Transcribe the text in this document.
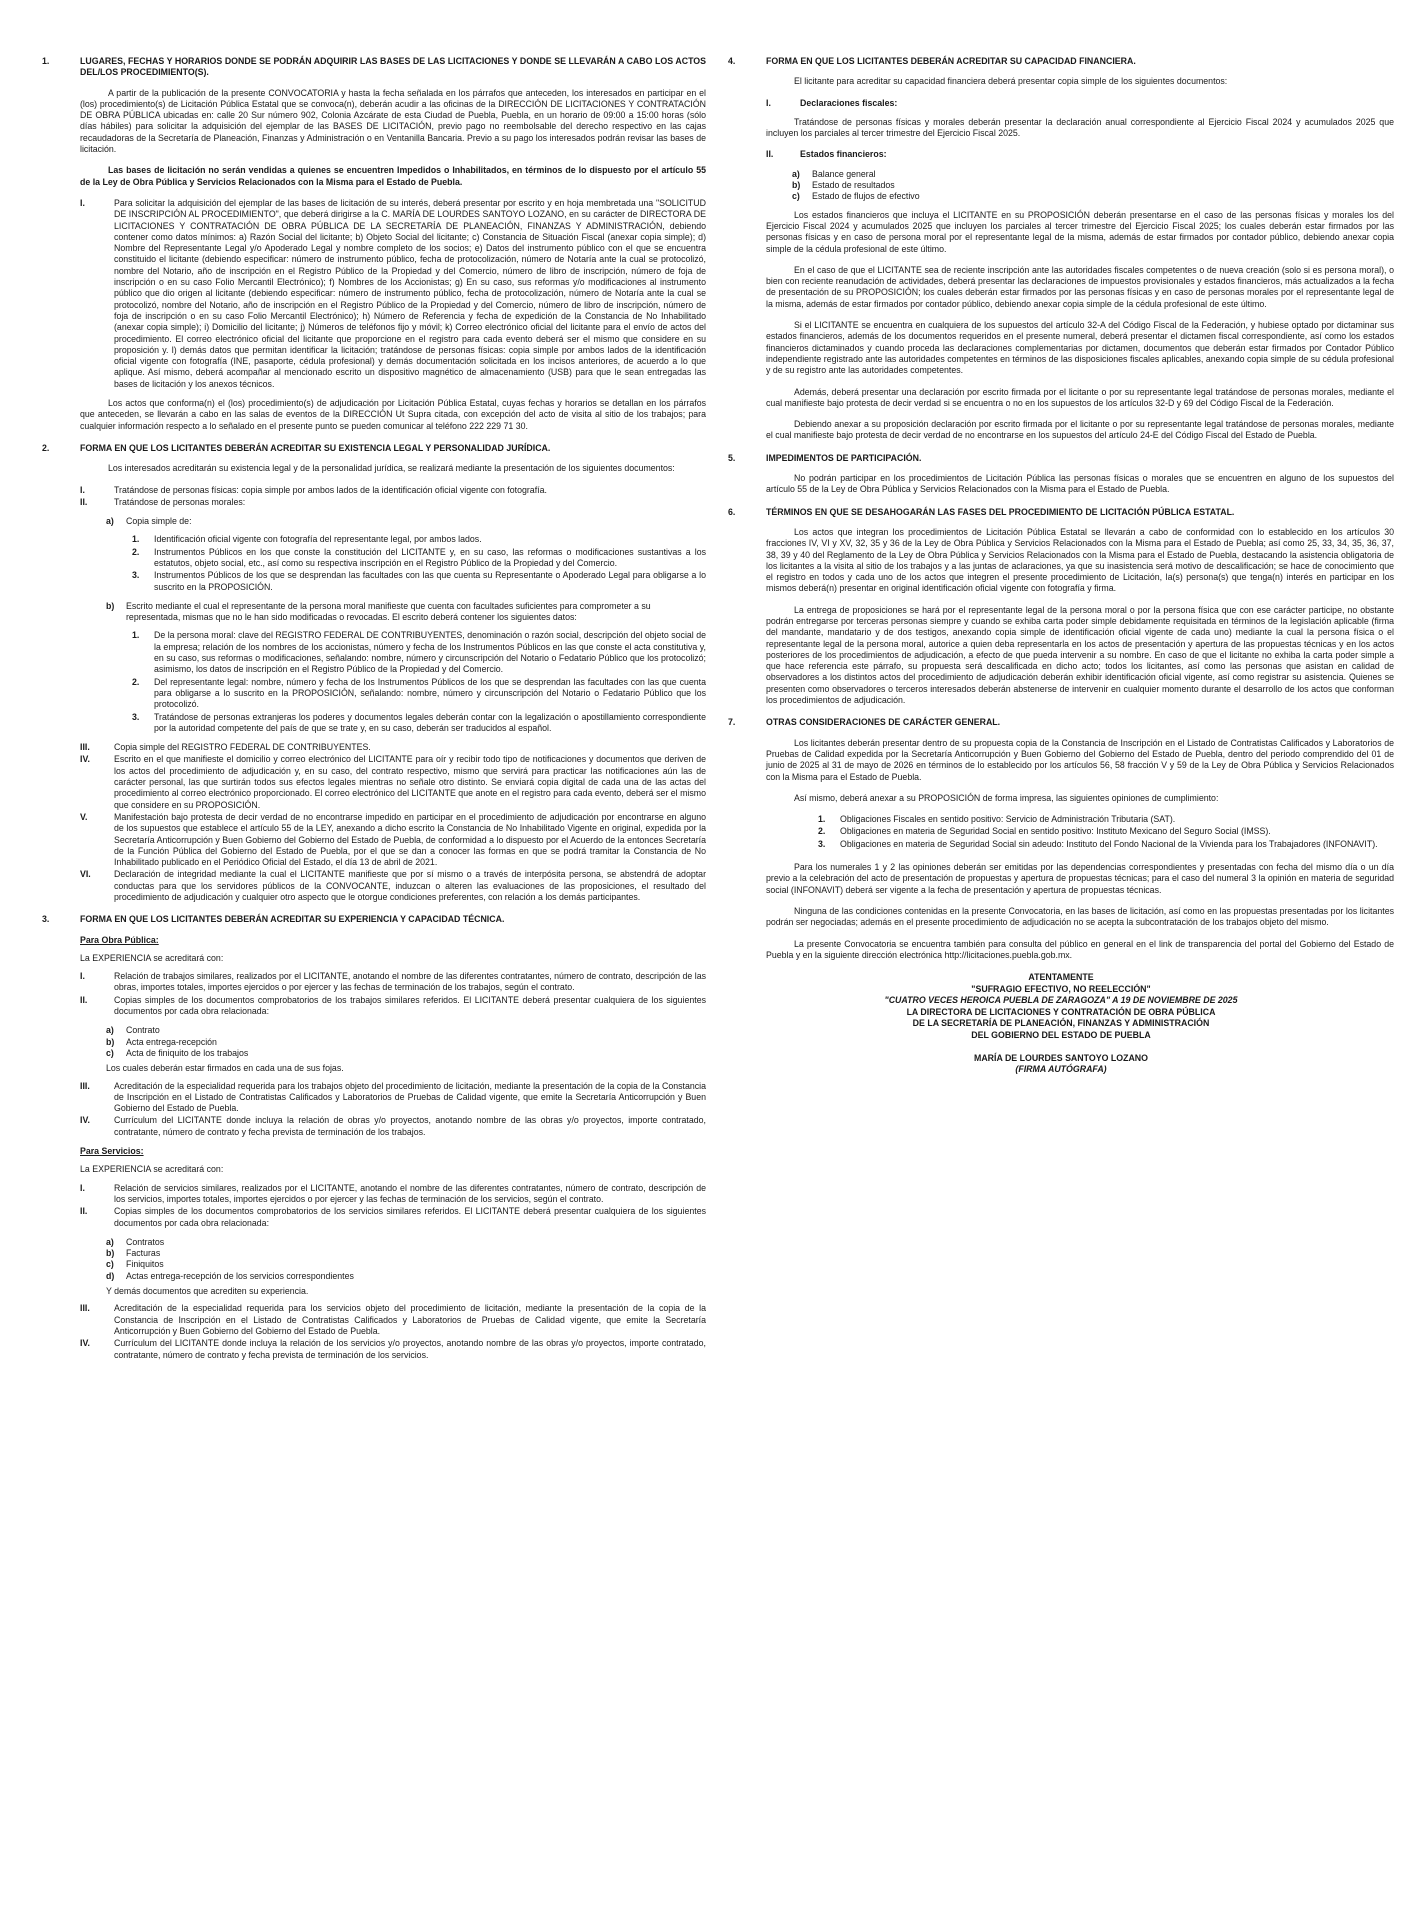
1.	LUGARES, FECHAS Y HORARIOS DONDE SE PODRÁN ADQUIRIR LAS BASES DE LAS LICITACIONES Y DONDE SE LLEVARÁN A CABO LOS ACTOS DEL/LOS PROCEDIMIENTO(S).
A partir de la publicación de la presente CONVOCATORIA y hasta la fecha señalada en los párrafos que anteceden, los interesados en participar en el (los) procedimiento(s) de Licitación Pública Estatal que se convoca(n), deberán acudir a las oficinas de la DIRECCIÓN DE LICITACIONES Y CONTRATACIÓN DE OBRA PÚBLICA ubicadas en: calle 20 Sur número 902, Colonia Azcárate de esta Ciudad de Puebla, Puebla, en un horario de 09:00 a 15:00 horas (sólo días hábiles) para solicitar la adquisición del ejemplar de las BASES DE LICITACIÓN, previo pago no reembolsable del derecho respectivo en las cajas recaudadoras de la Secretaría de Planeación, Finanzas y Administración o en Ventanilla Bancaria. Previo a su pago los interesados podrán revisar las bases de licitación.
Las bases de licitación no serán vendidas a quienes se encuentren Impedidos o Inhabilitados, en términos de lo dispuesto por el artículo 55 de la Ley de Obra Pública y Servicios Relacionados con la Misma para el Estado de Puebla.
I.	Para solicitar la adquisición del ejemplar de las bases de licitación de su interés, deberá presentar por escrito y en hoja membretada una "SOLICITUD DE INSCRIPCIÓN AL PROCEDIMIENTO", que deberá dirigirse a la C. MARÍA DE LOURDES SANTOYO LOZANO, en su carácter de DIRECTORA DE LICITACIONES Y CONTRATACIÓN DE OBRA PÚBLICA DE LA SECRETARÍA DE PLANEACIÓN, FINANZAS Y ADMINISTRACIÓN, debiendo contener como datos mínimos: a) Razón Social del licitante; b) Objeto Social del licitante; c) Constancia de Situación Fiscal (anexar copia simple); d) Nombre del Representante Legal y/o Apoderado Legal y nombre completo de los socios; e) Datos del instrumento público con el que se encuentra constituido el licitante (debiendo especificar: número de instrumento público, fecha de protocolización, número de Notaría ante la cual se protocolizó, nombre del Notario, año de inscripción en el Registro Público de la Propiedad y del Comercio, número de libro de inscripción, número de foja de inscripción o en su caso Folio Mercantil Electrónico); f) Nombres de los Accionistas; g) En su caso, sus reformas y/o modificaciones al instrumento público que dio origen al licitante (debiendo especificar: número de instrumento público, fecha de protocolización, número de Notaría ante la cual se protocolizó, nombre del Notario, año de inscripción en el Registro Público de la Propiedad y del Comercio, número de libro de inscripción, número de foja de inscripción o en su caso Folio Mercantil Electrónico); h) Número de Referencia y fecha de expedición de la Constancia de No Inhabilitado (anexar copia simple); i) Domicilio del licitante; j) Números de teléfonos fijo y móvil; k) Correo electrónico oficial del licitante para el envío de actos del procedimiento. El correo electrónico oficial del licitante que proporcione en el registro para cada evento deberá ser el mismo que considere en su proposición y. l) demás datos que permitan identificar la licitación; tratándose de personas físicas: copia simple por ambos lados de la identificación oficial vigente con fotografía (INE, pasaporte, cédula profesional) y demás documentación solicitada en los incisos anteriores, de acuerdo a lo que aplique. Así mismo, deberá acompañar al mencionado escrito un dispositivo magnético de almacenamiento (USB) para que le sean entregadas las bases de licitación y los anexos técnicos.
Los actos que conforma(n) el (los) procedimiento(s) de adjudicación por Licitación Pública Estatal, cuyas fechas y horarios se detallan en los párrafos que anteceden, se llevarán a cabo en las salas de eventos de la DIRECCIÓN Ut Supra citada, con excepción del acto de visita al sitio de los trabajos; para cualquier información respecto a lo señalado en el presente punto se pueden comunicar al teléfono 222 229 71 30.
2.	FORMA EN QUE LOS LICITANTES DEBERÁN ACREDITAR SU EXISTENCIA LEGAL Y PERSONALIDAD JURÍDICA.
Los interesados acreditarán su existencia legal y de la personalidad jurídica, se realizará mediante la presentación de los siguientes documentos:
I.	Tratándose de personas físicas: copia simple por ambos lados de la identificación oficial vigente con fotografía.
II.	Tratándose de personas morales:
a) Copia simple de:
1. Identificación oficial vigente con fotografía del representante legal, por ambos lados.
2. Instrumentos Públicos en los que conste la constitución del LICITANTE y, en su caso, las reformas o modificaciones sustantivas a los estatutos, objeto social, etc., así como su respectiva inscripción en el Registro Público de la Propiedad y del Comercio.
3. Instrumentos Públicos de los que se desprendan las facultades con las que cuenta su Representante o Apoderado Legal para obligarse a lo suscrito en la PROPOSICIÓN.
b) Escrito mediante el cual el representante de la persona moral manifieste que cuenta con facultades suficientes para comprometer a su representada, mismas que no le han sido modificadas o revocadas. El escrito deberá contener los siguientes datos:
1. De la persona moral: clave del REGISTRO FEDERAL DE CONTRIBUYENTES, denominación o razón social, descripción del objeto social de la empresa; relación de los nombres de los accionistas, número y fecha de los Instrumentos Públicos en las que conste el acta constitutiva y, en su caso, sus reformas o modificaciones, señalando: nombre, número y circunscripción del Notario o Fedatario Público que los protocolizó; asimismo, los datos de inscripción en el Registro Público de la Propiedad y del Comercio.
2. Del representante legal: nombre, número y fecha de los Instrumentos Públicos de los que se desprendan las facultades con las que cuenta para obligarse a lo suscrito en la PROPOSICIÓN, señalando: nombre, número y circunscripción del Notario o Fedatario Público que los protocolizó.
3. Tratándose de personas extranjeras los poderes y documentos legales deberán contar con la legalización o apostillamiento correspondiente por la autoridad competente del país de que se trate y, en su caso, deberán ser traducidos al español.
III.	Copia simple del REGISTRO FEDERAL DE CONTRIBUYENTES.
IV.	Escrito en el que manifieste el domicilio y correo electrónico del LICITANTE para oír y recibir todo tipo de notificaciones y documentos que deriven de los actos del procedimiento de adjudicación y, en su caso, del contrato respectivo, mismo que servirá para practicar las notificaciones aún las de carácter personal, las que surtirán todos sus efectos legales mientras no señale otro distinto. Se enviará copia digital de cada una de las actas del procedimiento al correo electrónico proporcionado. El correo electrónico del LICITANTE que anote en el registro para cada evento, deberá ser el mismo que considere en su PROPOSICIÓN.
V.	Manifestación bajo protesta de decir verdad de no encontrarse impedido en participar en el procedimiento de adjudicación por encontrarse en alguno de los supuestos que establece el artículo 55 de la LEY, anexando a dicho escrito la Constancia de No Inhabilitado Vigente en original, expedida por la Secretaría Anticorrupción y Buen Gobierno del Gobierno del Estado de Puebla, de conformidad a lo dispuesto por el Acuerdo de la entonces Secretaría de la Función Pública del Gobierno del Estado de Puebla, por el que se dan a conocer las formas en que se podrá tramitar la Constancia de No Inhabilitado publicado en el Periódico Oficial del Estado, el día 13 de abril de 2021.
VI.	Declaración de integridad mediante la cual el LICITANTE manifieste que por sí mismo o a través de interpósita persona, se abstendrá de adoptar conductas para que los servidores públicos de la CONVOCANTE, induzcan o alteren las evaluaciones de las proposiciones, el resultado del procedimiento de adjudicación y cualquier otro aspecto que le otorgue condiciones preferentes, con relación a los demás participantes.
3.	FORMA EN QUE LOS LICITANTES DEBERÁN ACREDITAR SU EXPERIENCIA Y CAPACIDAD TÉCNICA.
Para Obra Pública:
La EXPERIENCIA se acreditará con:
I.	Relación de trabajos similares, realizados por el LICITANTE, anotando el nombre de las diferentes contratantes, número de contrato, descripción de las obras, importes totales, importes ejercidos o por ejercer y las fechas de terminación de los trabajos, según el contrato.
II.	Copias simples de los documentos comprobatorios de los trabajos similares referidos. El LICITANTE deberá presentar cualquiera de los siguientes documentos por cada obra relacionada:
a) Contrato
b) Acta entrega-recepción
c) Acta de finiquito de los trabajos
Los cuales deberán estar firmados en cada una de sus fojas.
III.	Acreditación de la especialidad requerida para los trabajos objeto del procedimiento de licitación, mediante la presentación de la copia de la Constancia de Inscripción en el Listado de Contratistas Calificados y Laboratorios de Pruebas de Calidad vigente, que emite la Secretaría Anticorrupción y Buen Gobierno del Estado de Puebla.
IV.	Currículum del LICITANTE donde incluya la relación de obras y/o proyectos, anotando nombre de las obras y/o proyectos, importe contratado, contratante, número de contrato y fecha prevista de terminación de los trabajos.
Para Servicios:
La EXPERIENCIA se acreditará con:
I.	Relación de servicios similares, realizados por el LICITANTE, anotando el nombre de las diferentes contratantes, número de contrato, descripción de los servicios, importes totales, importes ejercidos o por ejercer y las fechas de terminación de los servicios, según el contrato.
II.	Copias simples de los documentos comprobatorios de los servicios similares referidos. El LICITANTE deberá presentar cualquiera de los siguientes documentos por cada obra relacionada:
a) Contratos
b) Facturas
c) Finiquitos
d) Actas entrega-recepción de los servicios correspondientes
Y demás documentos que acrediten su experiencia.
III.	Acreditación de la especialidad requerida para los servicios objeto del procedimiento de licitación, mediante la presentación de la copia de la Constancia de Inscripción en el Listado de Contratistas Calificados y Laboratorios de Pruebas de Calidad vigente, que emite la Secretaría Anticorrupción y Buen Gobierno del Gobierno del Estado de Puebla.
IV.	Currículum del LICITANTE donde incluya la relación de los servicios y/o proyectos, anotando nombre de las obras y/o proyectos, importe contratado, contratante, número de contrato y fecha prevista de terminación de los servicios.
4.	FORMA EN QUE LOS LICITANTES DEBERÁN ACREDITAR SU CAPACIDAD FINANCIERA.
El licitante para acreditar su capacidad financiera deberá presentar copia simple de los siguientes documentos:
I.	Declaraciones fiscales:
Tratándose de personas físicas y morales deberán presentar la declaración anual correspondiente al Ejercicio Fiscal 2024 y acumulados 2025 que incluyen los parciales al tercer trimestre del Ejercicio Fiscal 2025.
II.	Estados financieros:
a) Balance general
b) Estado de resultados
c) Estado de flujos de efectivo
Los estados financieros que incluya el LICITANTE en su PROPOSICIÓN deberán presentarse en el caso de las personas físicas y morales los del Ejercicio Fiscal 2024 y acumulados 2025 que incluyen los parciales al tercer trimestre del Ejercicio Fiscal 2025; los cuales deberán estar firmados por las personas físicas y en caso de persona moral por el representante legal de la misma, además de estar firmados por contador público, debiendo anexar copia simple de la cédula profesional de este último.
En el caso de que el LICITANTE sea de reciente inscripción ante las autoridades fiscales competentes o de nueva creación (solo si es persona moral), o bien con reciente reanudación de actividades, deberá presentar las declaraciones de impuestos provisionales y estados financieros, más actualizados a la fecha de presentación de su PROPOSICIÓN; los cuales deberán estar firmados por las personas físicas y en caso de personas morales por el representante legal de la misma, además de estar firmados por contador público, debiendo anexar copia simple de la cédula profesional de este último.
Si el LICITANTE se encuentra en cualquiera de los supuestos del artículo 32-A del Código Fiscal de la Federación, y hubiese optado por dictaminar sus estados financieros, además de los documentos requeridos en el presente numeral, deberá presentar el dictamen fiscal correspondiente, así como los estados financieros dictaminados y cuando proceda las declaraciones complementarias por dictamen, documentos que deberán estar firmados por Contador Público independiente registrado ante las autoridades competentes en términos de las disposiciones fiscales aplicables, anexando copia simple de su cédula profesional y de su registro ante las autoridades competentes.
Además, deberá presentar una declaración por escrito firmada por el licitante o por su representante legal tratándose de personas morales, mediante el cual manifieste bajo protesta de decir verdad si se encuentra o no en los supuestos de los artículos 32-D y 69 del Código Fiscal de la Federación.
Debiendo anexar a su proposición declaración por escrito firmada por el licitante o por su representante legal tratándose de personas morales, mediante el cual manifieste bajo protesta de decir verdad de no encontrarse en los supuestos del artículo 24-E del Código Fiscal del Estado de Puebla.
5.	IMPEDIMENTOS DE PARTICIPACIÓN.
No podrán participar en los procedimientos de Licitación Pública las personas físicas o morales que se encuentren en alguno de los supuestos del artículo 55 de la Ley de Obra Pública y Servicios Relacionados con la Misma para el Estado de Puebla.
6.	TÉRMINOS EN QUE SE DESAHOGARÁN LAS FASES DEL PROCEDIMIENTO DE LICITACIÓN PÚBLICA ESTATAL.
Los actos que integran los procedimientos de Licitación Pública Estatal se llevarán a cabo de conformidad con lo establecido en los artículos 30 fracciones IV, VI y XV, 32, 35 y 36 de la Ley de Obra Pública y Servicios Relacionados con la Misma para el Estado de Puebla; así como 25, 33, 34, 35, 36, 37, 38, 39 y 40 del Reglamento de la Ley de Obra Pública y Servicios Relacionados con la Misma para el Estado de Puebla, destacando la asistencia obligatoria de los licitantes a la visita al sitio de los trabajos y a las juntas de aclaraciones, ya que su inasistencia será motivo de descalificación; se hace de conocimiento que el registro en todos y cada uno de los actos que integren el presente procedimiento de Licitación, la(s) persona(s) que tenga(n) interés en participar en los mismos deberá(n) presentar en original identificación oficial vigente con fotografía y firma.
La entrega de proposiciones se hará por el representante legal de la persona moral o por la persona física que con ese carácter participe, no obstante podrán entregarse por terceras personas siempre y cuando se exhiba carta poder simple debidamente requisitada en términos de la legislación aplicable (firma del mandante, mandatario y de dos testigos, anexando copia simple de identificación oficial vigente de cada uno) mediante la cual la persona física o el representante legal de la persona moral, autorice a quien deba representarla en los actos de presentación y apertura de las propuestas técnicas y en los actos posteriores de los procedimientos de adjudicación, a efecto de que pueda intervenir a su nombre. En caso de que el licitante no exhiba la carta poder simple a que hace referencia este párrafo, su propuesta será descalificada en dicho acto; todos los licitantes, así como las personas que asistan en calidad de observadores a los distintos actos del procedimiento de adjudicación deberán exhibir identificación oficial vigente, así como registrar su asistencia. Quienes se presenten como observadores o terceros interesados deberán abstenerse de intervenir en cualquier momento durante el desarrollo de los actos que conforman los procedimientos de adjudicación.
7.	OTRAS CONSIDERACIONES DE CARÁCTER GENERAL.
Los licitantes deberán presentar dentro de su propuesta copia de la Constancia de Inscripción en el Listado de Contratistas Calificados y Laboratorios de Pruebas de Calidad expedida por la Secretaría Anticorrupción y Buen Gobierno del Gobierno del Estado de Puebla, dentro del periodo comprendido del 01 de junio de 2025 al 31 de mayo de 2026 en términos de lo establecido por los artículos 56, 58 fracción V y 59 de la Ley de Obra Pública y Servicios Relacionados con la Misma para el Estado de Puebla.
Así mismo, deberá anexar a su PROPOSICIÓN de forma impresa, las siguientes opiniones de cumplimiento:
1. Obligaciones Fiscales en sentido positivo: Servicio de Administración Tributaria (SAT).
2. Obligaciones en materia de Seguridad Social en sentido positivo: Instituto Mexicano del Seguro Social (IMSS).
3. Obligaciones en materia de Seguridad Social sin adeudo: Instituto del Fondo Nacional de la Vivienda para los Trabajadores (INFONAVIT).
Para los numerales 1 y 2 las opiniones deberán ser emitidas por las dependencias correspondientes y presentadas con fecha del mismo día o un día previo a la celebración del acto de presentación de propuestas y apertura de propuestas técnicas; para el caso del numeral 3 la opinión en materia de seguridad social (INFONAVIT) deberá ser vigente a la fecha de presentación y apertura de propuestas técnicas.
Ninguna de las condiciones contenidas en la presente Convocatoria, en las bases de licitación, así como en las propuestas presentadas por los licitantes podrán ser negociadas; además en el presente procedimiento de adjudicación no se acepta la subcontratación de los trabajos objeto del mismo.
La presente Convocatoria se encuentra también para consulta del público en general en el link de transparencia del portal del Gobierno del Estado de Puebla y en la siguiente dirección electrónica http://licitaciones.puebla.gob.mx.
ATENTAMENTE
"SUFRAGIO EFECTIVO, NO REELECCIÓN"
"CUATRO VECES HEROICA PUEBLA DE ZARAGOZA" A 19 DE NOVIEMBRE DE 2025
LA DIRECTORA DE LICITACIONES Y CONTRATACIÓN DE OBRA PÚBLICA
DE LA SECRETARÍA DE PLANEACIÓN, FINANZAS Y ADMINISTRACIÓN
DEL GOBIERNO DEL ESTADO DE PUEBLA
MARÍA DE LOURDES SANTOYO LOZANO
(FIRMA AUTÓGRAFA)
